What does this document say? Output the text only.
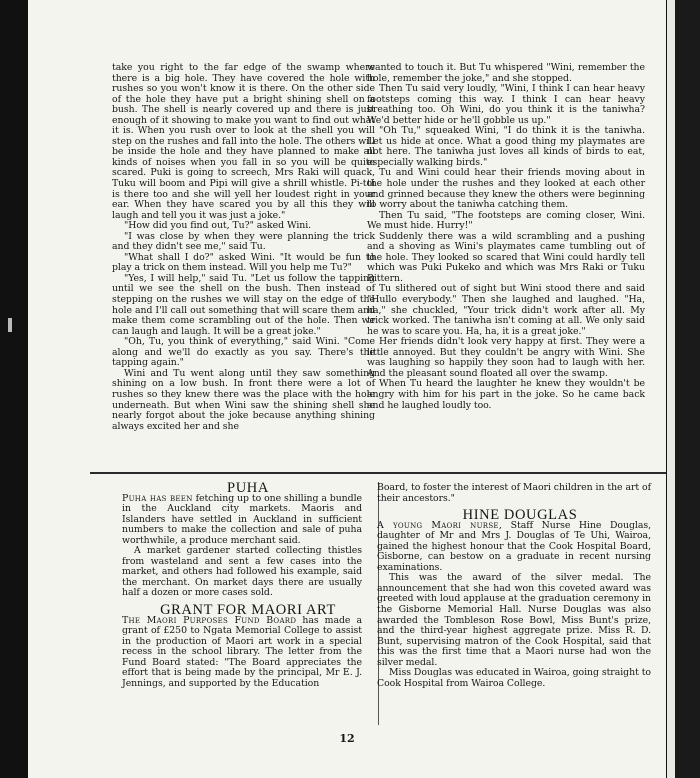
take you right to the far edge of the swamp where there is a big hole. They have covered the hole with rushes so you won't know it is there. On the other side of the hole they have put a bright shining shell on a bush. The shell is nearly covered up and there is just enough of it showing to make you want to find out what it is. When you rush over to look at the shell you will step on the rushes and fall into the hole. The others will be inside the hole and they have planned to make all kinds of noises when you fall in so you will be quite scared. Puki is going to screech, Mrs Raki will quack, Tuku will boom and Pipi will give a shrill whistle. Pi-toi is there too and she will yell her loudest right in your ear. When they have scared you by all this they will laugh and tell you it was just a joke."

"How did you find out, Tu?" asked Wini.

"I was close by when they were planning the trick and they didn't see me," said Tu.

"What shall I do?" asked Wini. "It would be fun to play a trick on them instead. Will you help me Tu?"

"Yes, I will help," said Tu. "Let us follow the tapping until we see the shell on the bush. Then instead of stepping on the rushes we will stay on the edge of the hole and I'll call out something that will scare them and make them come scrambling out of the hole. Then we can laugh and laugh. It will be a great joke."

"Oh, Tu, you think of everything," said Wini. "Come along and we'll do exactly as you say. There's the tapping again."

Wini and Tu went along until they saw something shining on a low bush. In front there were a lot of rushes so they knew there was the place with the hole underneath. But when Wini saw the shining shell she nearly forgot about the joke because anything shining always excited her and she

wanted to touch it. But Tu whispered "Wini, remember the hole, remember the joke," and she stopped.

Then Tu said very loudly, "Wini, I think I can hear heavy footsteps coming this way. I think I can hear heavy breathing too. Oh Wini, do you think it is the taniwha? We'd better hide or he'll gobble us up."

"Oh Tu," squeaked Wini, "I do think it is the taniwha. Let us hide at once. What a good thing my playmates are not here. The taniwha just loves all kinds of birds to eat, especially walking birds."

Tu and Wini could hear their friends moving about in the hole under the rushes and they looked at each other and grinned because they knew the others were beginning to worry about the taniwha catching them.

Then Tu said, "The footsteps are coming closer, Wini. We must hide. Hurry!"

Suddenly there was a wild scrambling and a pushing and a shoving as Wini's playmates came tumbling out of the hole. They looked so scared that Wini could hardly tell which was Puki Pukeko and which was Mrs Raki or Tuku Bittern.

Tu slithered out of sight but Wini stood there and said "Hullo everybody." Then she laughed and laughed. "Ha, ha," she chuckled, "Your trick didn't work after all. My trick worked. The taniwha isn't coming at all. We only said he was to scare you. Ha, ha, it is a great joke."

Her friends didn't look very happy at first. They were a little annoyed. But they couldn't be angry with Wini. She was laughing so happily they soon had to laugh with her. And the pleasant sound floated all over the swamp.

When Tu heard the laughter he knew they wouldn't be angry with him for his part in the joke. So he came back and he laughed loudly too.

PUHA

Puha has been fetching up to one shilling a bundle in the Auckland city markets. Maoris and Islanders have settled in Auckland in sufficient numbers to make the collection and sale of puha worthwhile, a produce merchant said.

A market gardener started collecting thistles from wasteland and sent a few cases into the market, and others had followed his example, said the merchant. On market days there are usually half a dozen or more cases sold.

GRANT FOR MAORI ART

The Maori Purposes Fund Board has made a grant of £250 to Ngata Memorial College to assist in the production of Maori art work in a special recess in the school library. The letter from the Fund Board stated: "The Board appreciates the effort that is being made by the principal, Mr E. J. Jennings, and supported by the Education

Board, to foster the interest of Maori children in the art of their ancestors."

HINE DOUGLAS

A young Maori nurse, Staff Nurse Hine Douglas, daughter of Mr and Mrs J. Douglas of Te Uhi, Wairoa, gained the highest honour that the Cook Hospital Board, Gisborne, can bestow on a graduate in recent nursing examinations.

This was the award of the silver medal. The announcement that she had won this coveted award was greeted with loud applause at the graduation ceremony in the Gisborne Memorial Hall. Nurse Douglas was also awarded the Tombleson Rose Bowl, Miss Bunt's prize, and the third-year highest aggregate prize. Miss R. D. Bunt, supervising matron of the Cook Hospital, said that this was the first time that a Maori nurse had won the silver medal.

Miss Douglas was educated in Wairoa, going straight to Cook Hospital from Wairoa College.

12
